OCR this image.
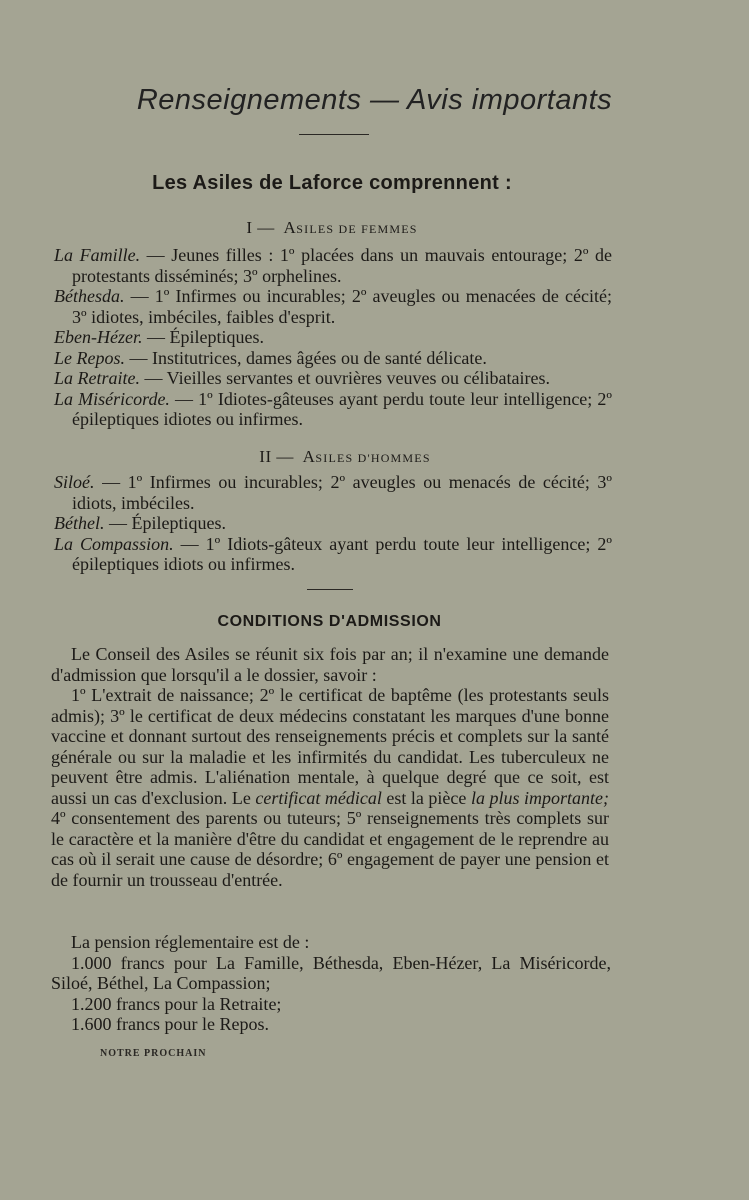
Renseignements — Avis importants
Les Asiles de Laforce comprennent :
I — ASILES DE FEMMES
La Famille. — Jeunes filles : 1º placées dans un mauvais entourage; 2º de protestants disséminés; 3º orphelines.
Béthesda. — 1º Infirmes ou incurables; 2º aveugles ou menacées de cécité; 3º idiotes, imbéciles, faibles d'esprit.
Eben-Hézer. — Épileptiques.
Le Repos. — Institutrices, dames âgées ou de santé délicate.
La Retraite. — Vieilles servantes et ouvrières veuves ou célibataires.
La Miséricorde. — 1º Idiotes-gâteuses ayant perdu toute leur intelligence; 2º épileptiques idiotes ou infirmes.
II — ASILES D'HOMMES
Siloé. — 1º Infirmes ou incurables; 2º aveugles ou menacés de cécité; 3º idiots, imbéciles.
Béthel. — Épileptiques.
La Compassion. — 1º Idiots-gâteux ayant perdu toute leur intelligence; 2º épileptiques idiots ou infirmes.
CONDITIONS D'ADMISSION

Le Conseil des Asiles se réunit six fois par an; il n'examine une demande d'admission que lorsqu'il a le dossier, savoir :

1º L'extrait de naissance; 2º le certificat de baptême (les protestants seuls admis); 3º le certificat de deux médecins constatant les marques d'une bonne vaccine et donnant surtout des renseignements précis et complets sur la santé générale ou sur la maladie et les infirmités du candidat. Les tuberculeux ne peuvent être admis. L'aliénation mentale, à quelque degré que ce soit, est aussi un cas d'exclusion. Le certificat médical est la pièce la plus importante; 4º consentement des parents ou tuteurs; 5º renseignements très complets sur le caractère et la manière d'être du candidat et engagement de le reprendre au cas où il serait une cause de désordre; 6º engagement de payer une pension et de fournir un trousseau d'entrée.

La pension réglementaire est de :

1.000 francs pour La Famille, Béthesda, Eben-Hézer, La Miséricorde, Siloé, Béthel, La Compassion;

1.200 francs pour la Retraite;

1.600 francs pour le Repos.

NOTRE PROCHAIN
